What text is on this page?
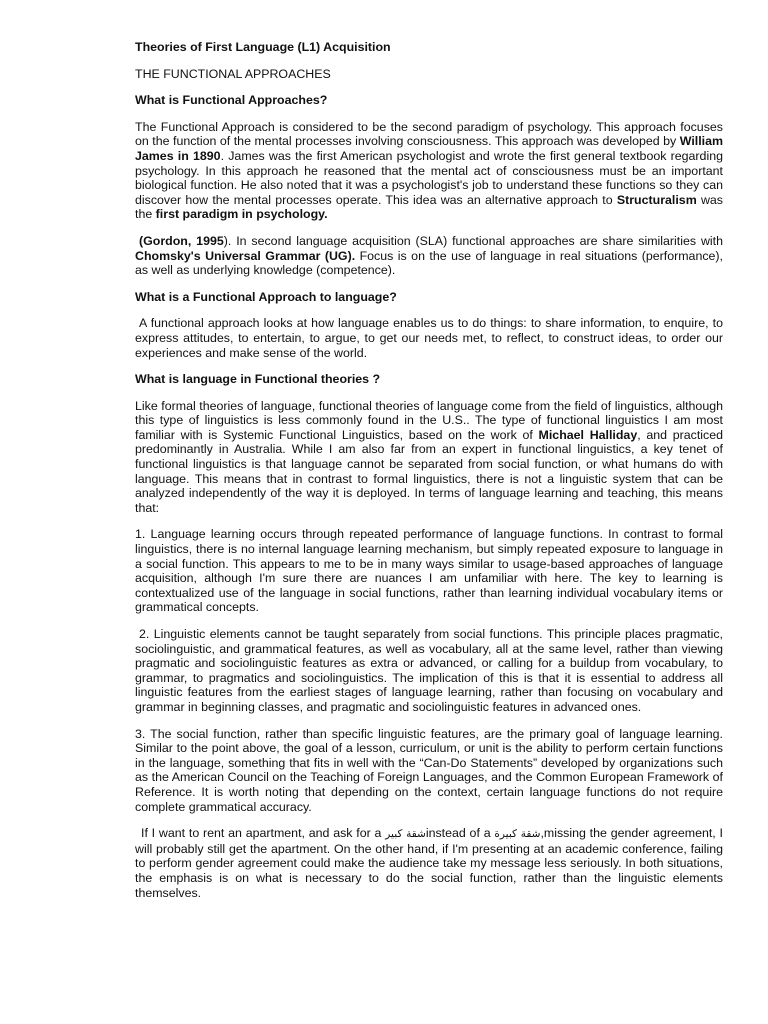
Theories of First Language (L1) Acquisition
THE FUNCTIONAL APPROACHES
What is Functional Approaches?

The Functional Approach is considered to be the second paradigm of psychology. This approach focuses on the function of the mental processes involving consciousness. This approach was developed by William James in 1890. James was the first American psychologist and wrote the first general textbook regarding psychology. In this approach he reasoned that the mental act of consciousness must be an important biological function. He also noted that it was a psychologist's job to understand these functions so they can discover how the mental processes operate. This idea was an alternative approach to Structuralism was the first paradigm in psychology.

(Gordon, 1995). In second language acquisition (SLA) functional approaches are share similarities with Chomsky's Universal Grammar (UG). Focus is on the use of language in real situations (performance), as well as underlying knowledge (competence).

What is a Functional Approach to language?

A functional approach looks at how language enables us to do things: to share information, to enquire, to express attitudes, to entertain, to argue, to get our needs met, to reflect, to construct ideas, to order our experiences and make sense of the world.

What is language in Functional theories ?

Like formal theories of language, functional theories of language come from the field of linguistics, although this type of linguistics is less commonly found in the U.S.. The type of functional linguistics I am most familiar with is Systemic Functional Linguistics, based on the work of Michael Halliday, and practiced predominantly in Australia. While I am also far from an expert in functional linguistics, a key tenet of functional linguistics is that language cannot be separated from social function, or what humans do with language. This means that in contrast to formal linguistics, there is not a linguistic system that can be analyzed independently of the way it is deployed. In terms of language learning and teaching, this means that:

1. Language learning occurs through repeated performance of language functions. In contrast to formal linguistics, there is no internal language learning mechanism, but simply repeated exposure to language in a social function. This appears to me to be in many ways similar to usage-based approaches of language acquisition, although I'm sure there are nuances I am unfamiliar with here. The key to learning is contextualized use of the language in social functions, rather than learning individual vocabulary items or grammatical concepts.

2. Linguistic elements cannot be taught separately from social functions. This principle places pragmatic, sociolinguistic, and grammatical features, as well as vocabulary, all at the same level, rather than viewing pragmatic and sociolinguistic features as extra or advanced, or calling for a buildup from vocabulary, to grammar, to pragmatics and sociolinguistics. The implication of this is that it is essential to address all linguistic features from the earliest stages of language learning, rather than focusing on vocabulary and grammar in beginning classes, and pragmatic and sociolinguistic features in advanced ones.

3. The social function, rather than specific linguistic features, are the primary goal of language learning. Similar to the point above, the goal of a lesson, curriculum, or unit is the ability to perform certain functions in the language, something that fits in well with the “Can-Do Statements” developed by organizations such as the American Council on the Teaching of Foreign Languages, and the Common European Framework of Reference. It is worth noting that depending on the context, certain language functions do not require complete grammatical accuracy.

If I want to rent an apartment, and ask for a شقة كبيرinstead of a شقة كبيرة,missing the gender agreement, I will probably still get the apartment. On the other hand, if I'm presenting at an academic conference, failing to perform gender agreement could make the audience take my message less seriously. In both situations, the emphasis is on what is necessary to do the social function, rather than the linguistic elements themselves.
